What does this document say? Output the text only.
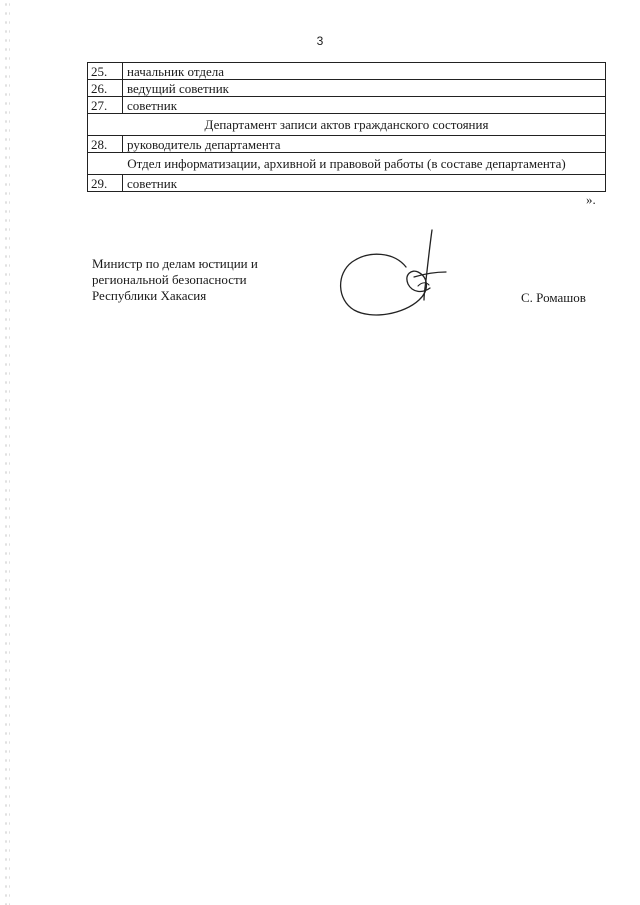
3
25.	начальник отдела
26.	ведущий советник
27.	советник
Департамент записи актов гражданского состояния	
28.	руководитель департамента
Отдел информатизации, архивной и правовой работы (в составе департамента)	
29.	советник
».
Министр по делам юстиции и
региональной безопасности
Республики Хакасия	С. Ромашов
